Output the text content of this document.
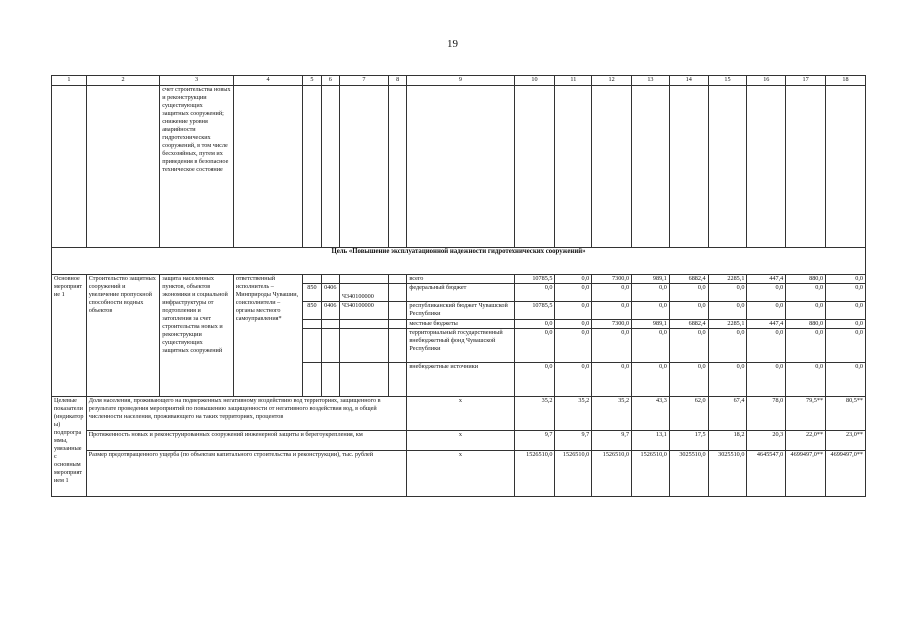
19
1	2	3	4	5	6	7	8	9	10	11	12	13	14	15	16	17	18
		счет строительства новых и реконструкции существующих защитных сооружений; снижение уровня аварийности гидротехнических сооружений, в том числе бесхозяйных, путем их приведения в безопасное техническое состояние															
Цель «Повышение эксплуатационной надежности гидротехнических сооружений»																	
Основное мероприятие 1	Строительство защитных сооружений и увеличение пропускной способности водных объектов	защита населенных пунктов, объектов экономики и социальной инфраструктуры от подтопления и затопления за счет строительства новых и реконструкции существующих защитных сооружений	ответственный исполнитель – Минприроды Чувашии, соисполнители – органы местного самоуправления*					всего	10785,5	0,0	7300,0	989,1	6882,4	2285,1	447,4	880,0	0,0
				850	0406	Ч340100000		федеральный бюджет	0,0	0,0	0,0	0,0	0,0	0,0	0,0	0,0	0,0
				850	0406	Ч340100000		республиканский бюджет Чувашской Республики	10785,5	0,0	0,0	0,0	0,0	0,0	0,0	0,0	0,0
								местные бюджеты	0,0	0,0	7300,0	989,1	6882,4	2285,1	447,4	880,0	0,0
								территориальный государственный внебюджетный фонд Чувашской Республики	0,0	0,0	0,0	0,0	0,0	0,0	0,0	0,0	0,0
								внебюджетные источники	0,0	0,0	0,0	0,0	0,0	0,0	0,0	0,0	0,0
Целевые показатели (индикаторы) подпрограммы, увязанные с основным мероприятием 1	Доля населения, проживающего на подверженных негативному воздействию вод территориях, защищенного в результате проведения мероприятий по повышению защищенности от негативного воздействия вод, в общей численности населения, проживающего на таких территориях, процентов							x	35,2	35,2	35,2	43,3	62,0	67,4	78,0	79,5**	80,5**
	Протяженность новых и реконструированных сооружений инженерной защиты и берегоукрепления, км							x	9,7	9,7	9,7	13,1	17,5	18,2	20,3	22,0**	23,0**
	Размер предотвращенного ущерба (по объектам капитального строительства и реконструкции), тыс. рублей							x	1526510,0	1526510,0	1526510,0	1526510,0	3025510,0	3025510,0	4645547,0	4699497,0**	4699497,0**
